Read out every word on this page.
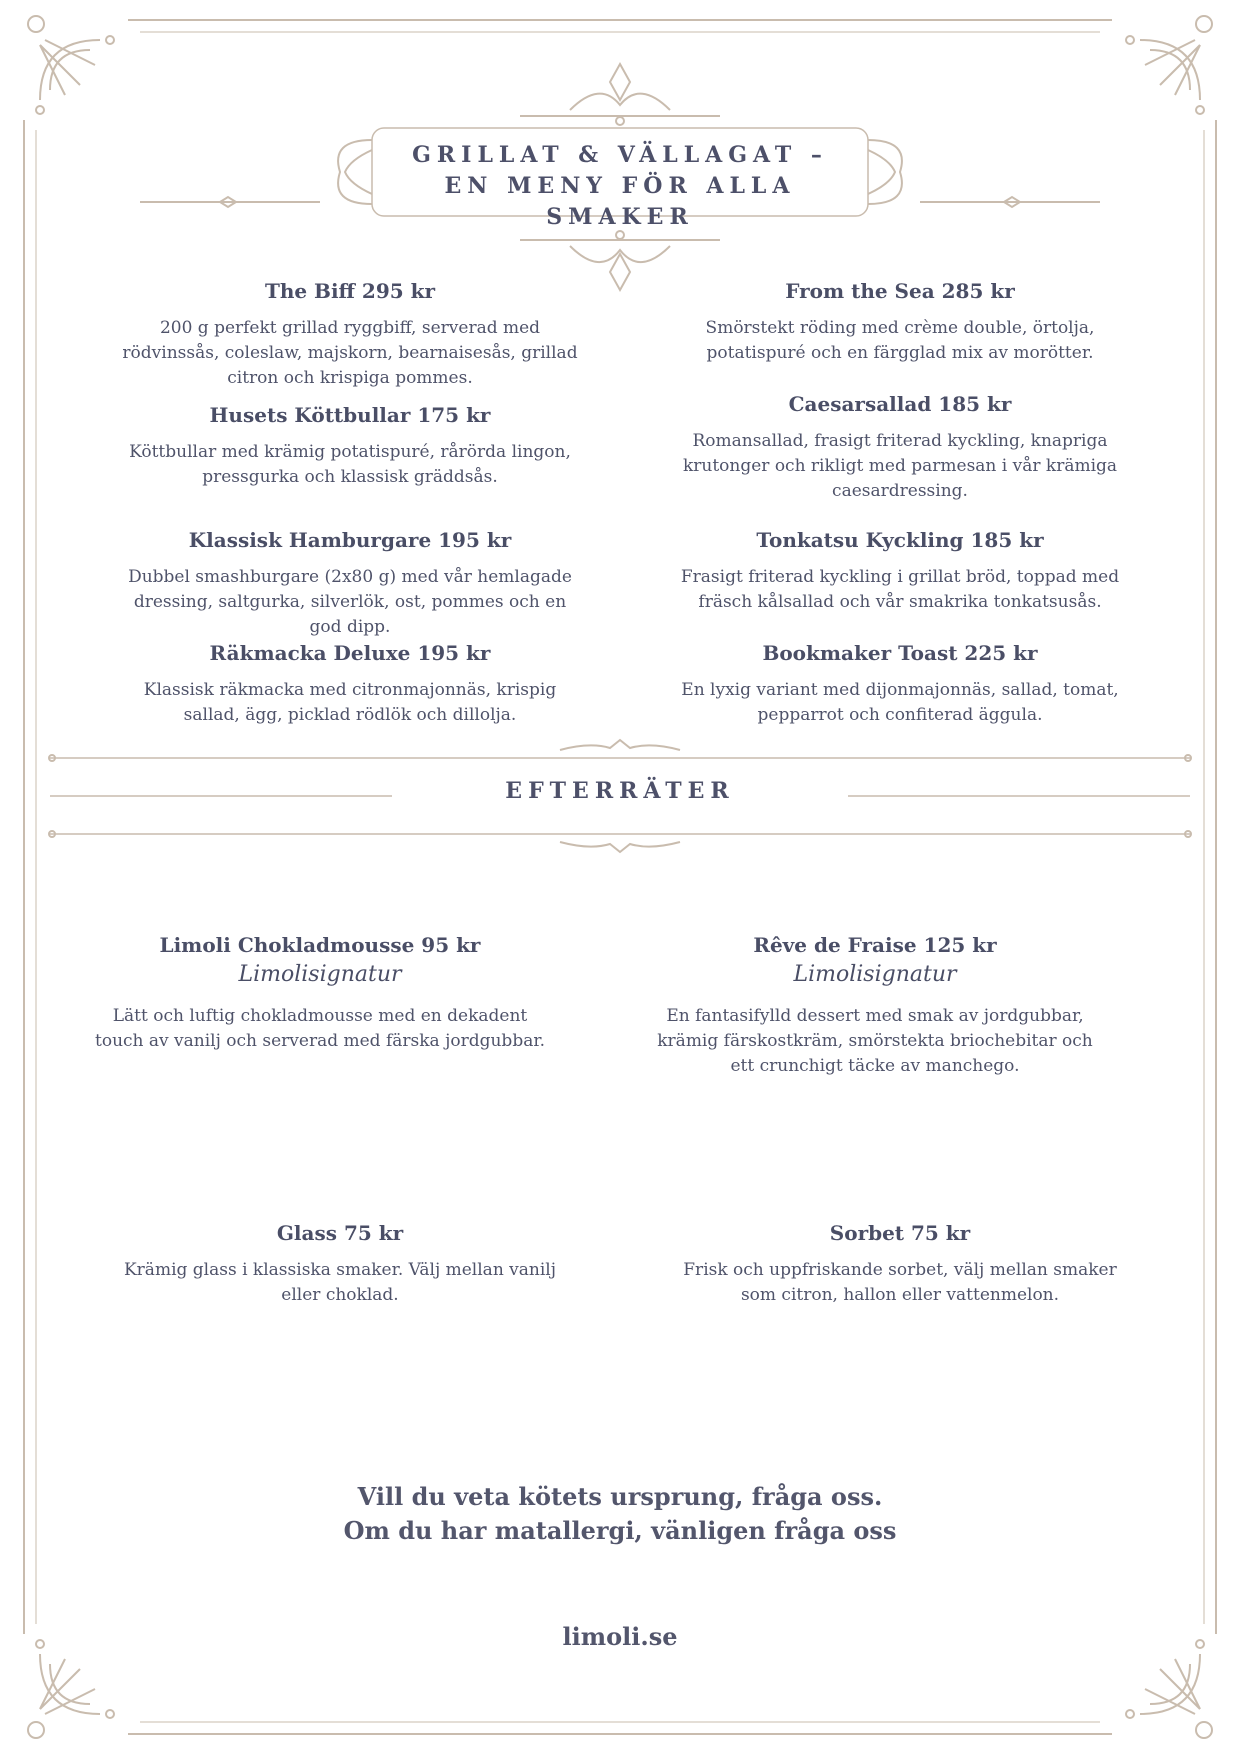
GRILLAT & VÄLLAGAT – EN MENY FÖR ALLA SMAKER
The Biff 295 kr
200 g perfekt grillad ryggbiff, serverad med rödvinssås, coleslaw, majskorn, bearnaisesås, grillad citron och krispiga pommes.
From the Sea 285 kr
Smörstekt röding med crème double, örtolja, potatispuré och en färgglad mix av morötter.
Husets Köttbullar 175 kr
Köttbullar med krämig potatispuré, rårörda lingon, pressgurka och klassisk gräddsås.
Caesarsallad 185 kr
Romansallad, frasigt friterad kyckling, knapriga krutonger och rikligt med parmesan i vår krämiga caesardressing.
Klassisk Hamburgare 195 kr
Dubbel smashburgare (2x80 g) med vår hemlagade dressing, saltgurka, silverlök, ost, pommes och en god dipp.
Tonkatsu Kyckling 185 kr
Frasigt friterad kyckling i grillat bröd, toppad med fräsch kålsallad och vår smakrika tonkatsusås.
Räkmacka Deluxe 195 kr
Klassisk räkmacka med citronmajonnäs, krispig sallad, ägg, picklad rödlök och dillolja.
Bookmaker Toast 225 kr
En lyxig variant med dijonmajonnäs, sallad, tomat, pepparrot och confiterad äggula.
EFTERRÄTER
Limoli Chokladmousse 95 kr
Limolisignatur
Lätt och luftig chokladmousse med en dekadent touch av vanilj och serverad med färska jordgubbar.
Rêve de Fraise 125 kr
Limolisignatur
En fantasifylld dessert med smak av jordgubbar, krämig färskostkräm, smörstekta briochebitar och ett crunchigt täcke av manchego.
Glass 75 kr
Krämig glass i klassiska smaker. Välj mellan vanilj eller choklad.
Sorbet 75 kr
Frisk och uppfriskande sorbet, välj mellan smaker som citron, hallon eller vattenmelon.
Vill du veta kötets ursprung, fråga oss.
Om du har matallergi, vänligen fråga oss
limoli.se
